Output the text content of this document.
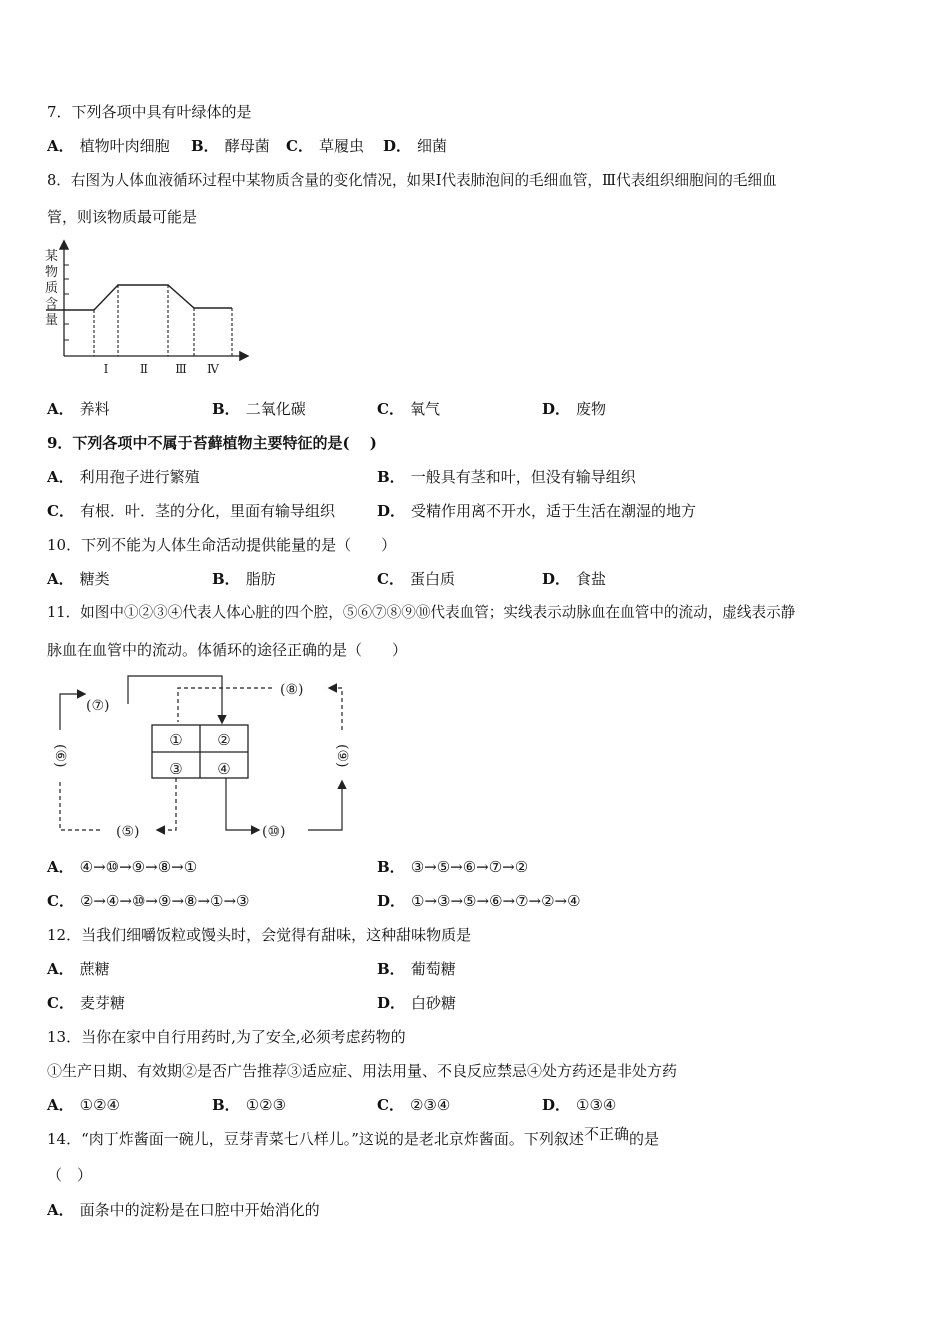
7．下列各项中具有叶绿体的是
A． 植物叶肉细胞 B． 酵母菌 C． 草履虫 D． 细菌
8．右图为人体血液循环过程中某物质含量的变化情况，如果Ⅰ代表肺泡间的毛细血管，Ⅲ代表组织细胞间的毛细血
管，则该物质最可能是
某
物
质
含
量
Ⅰ	Ⅱ Ⅲ Ⅳ
A． 养料	B． 二氧化碳	C． 氧气	D． 废物
9．下列各项中不属于苔藓植物主要特征的是(　 )
A． 利用孢子进行繁殖	B． 一般具有茎和叶，但没有输导组织
C． 有根．叶．茎的分化，里面有输导组织	D． 受精作用离不开水，适于生活在潮湿的地方
10．下列不能为人体生命活动提供能量的是（　　）
A． 糖类	B． 脂肪	C． 蛋白质	D． 食盐
11．如图中①②③④代表人体心脏的四个腔，⑤⑥⑦⑧⑨⑩代表血管；实线表示动脉血在血管中的流动，虚线表示静
脉血在血管中的流动。体循环的途径正确的是（　　）
① ②
③ ④
(⑦)
(⑧)
(⑤)	(⑩)
(⑥)	(⑨)
A． ④→⑩→⑨→⑧→①	B． ③→⑤→⑥→⑦→②
C． ②→④→⑩→⑨→⑧→①→③	D． ①→③→⑤→⑥→⑦→②→④
12．当我们细嚼饭粒或馒头时，会觉得有甜味，这种甜味物质是
A． 蔗糖	B． 葡萄糖
C． 麦芽糖	D． 白砂糖
13．当你在家中自行用药时,为了安全,必须考虑药物的
①生产日期、有效期②是否广告推荐③适应症、用法用量、不良反应禁忌④处方药还是非处方药
A． ①②④	B． ①②③	C． ②③④	D． ①③④
14．“肉丁炸酱面一碗儿，豆芽青菜七八样儿。”这说的是老北京炸酱面。下列叙述不正确的是
（　）
A． 面条中的淀粉是在口腔中开始消化的
